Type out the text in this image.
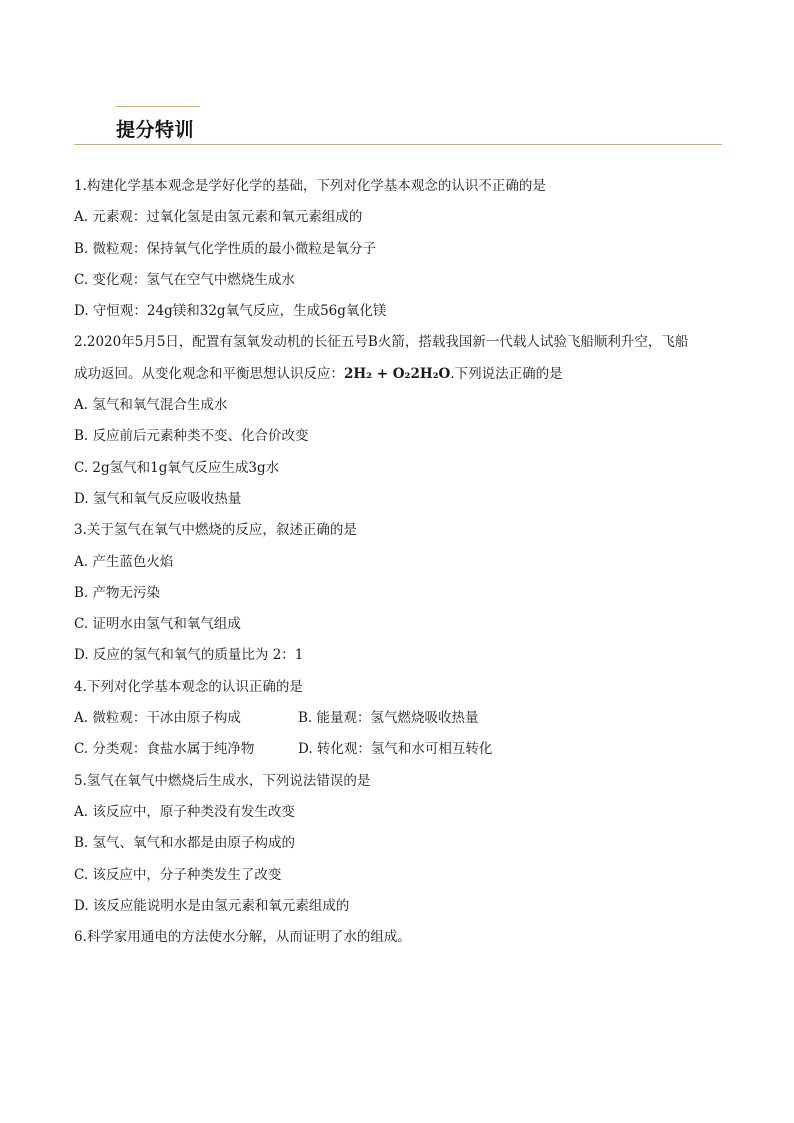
提分特训
1.构建化学基本观念是学好化学的基础，下列对化学基本观念的认识不正确的是
A. 元素观：过氧化氢是由氢元素和氧元素组成的
B. 微粒观：保持氧气化学性质的最小微粒是氧分子
C. 变化观：氢气在空气中燃烧生成水
D. 守恒观：24g镁和32g氧气反应，生成56g氧化镁
2.2020年5月5日，配置有氢氧发动机的长征五号B火箭，搭载我国新一代载人试验飞船顺利升空，飞船
成功返回。从变化观念和平衡思想认识反应：2H₂ + O₂2H₂O.下列说法正确的是
A. 氢气和氧气混合生成水
B. 反应前后元素种类不变、化合价改变
C. 2g氢气和1g氧气反应生成3g水
D. 氢气和氧气反应吸收热量
3.关于氢气在氧气中燃烧的反应，叙述正确的是
A. 产生蓝色火焰
B. 产物无污染
C. 证明水由氢气和氧气组成
D. 反应的氢气和氧气的质量比为 2：1
4.下列对化学基本观念的认识正确的是
A. 微粒观：干冰由原子构成	B. 能量观：氢气燃烧吸收热量
C. 分类观：食盐水属于纯净物	D. 转化观：氢气和水可相互转化
5.氢气在氧气中燃烧后生成水，下列说法错误的是
A. 该反应中，原子种类没有发生改变
B. 氢气、氧气和水都是由原子构成的
C. 该反应中，分子种类发生了改变
D. 该反应能说明水是由氢元素和氧元素组成的
6.科学家用通电的方法使水分解，从而证明了水的组成。
